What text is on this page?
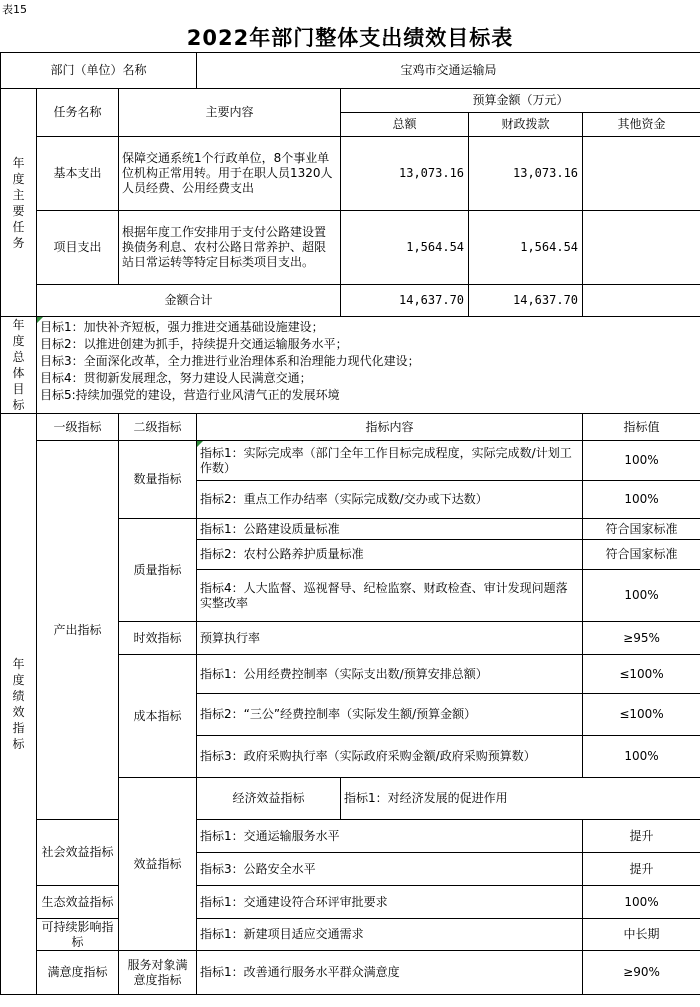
表15
2022年部门整体支出绩效目标表
部门（单位）名称			宝鸡市交通运输局				

年度主要任务	任务名称	主要内容		预算金额（万元）			
				总额	财政拨款	其他资金	
	基本支出	保障交通系统1个行政单位，8个事业单位机构正常用转。用于在职人员1320人人员经费、公用经费支出		13,073.16	13,073.16		
	项目支出	根据年度工作安排用于支付公路建设置换债务利息、农村公路日常养护、超限站日常运转等特定目标类项目支出。		1,564.54	1,564.54		
	金额合计			14,637.70	14,637.70		

年度总体目标	目标1：加快补齐短板，强力推进交通基础设施建设；
目标2：以推进创建为抓手，持续提升交通运输服务水平；
目标3：全面深化改革，全力推进行业治理体系和治理能力现代化建设；
目标4：贯彻新发展理念，努力建设人民满意交通；
目标5:持续加强党的建设，营造行业风清气正的发展环境						

年度绩效指标	一级指标	二级指标	指标内容			指标值	
	产出指标	数量指标	指标1：实际完成率（部门全年工作目标完成程度，实际完成数/计划工作数）			100%	
			指标2：重点工作办结率（实际完成数/交办或下达数）			100%	
		质量指标	指标1：公路建设质量标准			符合国家标准	
			指标2：农村公路养护质量标准			符合国家标准	
			指标4：人大监督、巡视督导、纪检监察、财政检查、审计发现问题落实整改率			100%	
		时效指标	预算执行率			≥95%	
		成本指标	指标1：公用经费控制率（实际支出数/预算安排总额）			≤100%	
			指标2：“三公”经费控制率（实际发生额/预算金额）			≤100%	
			指标3：政府采购执行率（实际政府采购金额/政府采购预算数）			100%	
		效益指标	经济效益指标	指标1：对经济发展的促进作用	
	社会效益指标		指标1：交通运输服务水平			提升	
			指标3：公路安全水平			提升	
	生态效益指标		指标1：交通建设符合环评审批要求			100%	
	可持续影响指标		指标1：新建项目适应交通需求			中长期	
	满意度指标	服务对象满意度指标	指标1：改善通行服务水平群众满意度			≥90%	
